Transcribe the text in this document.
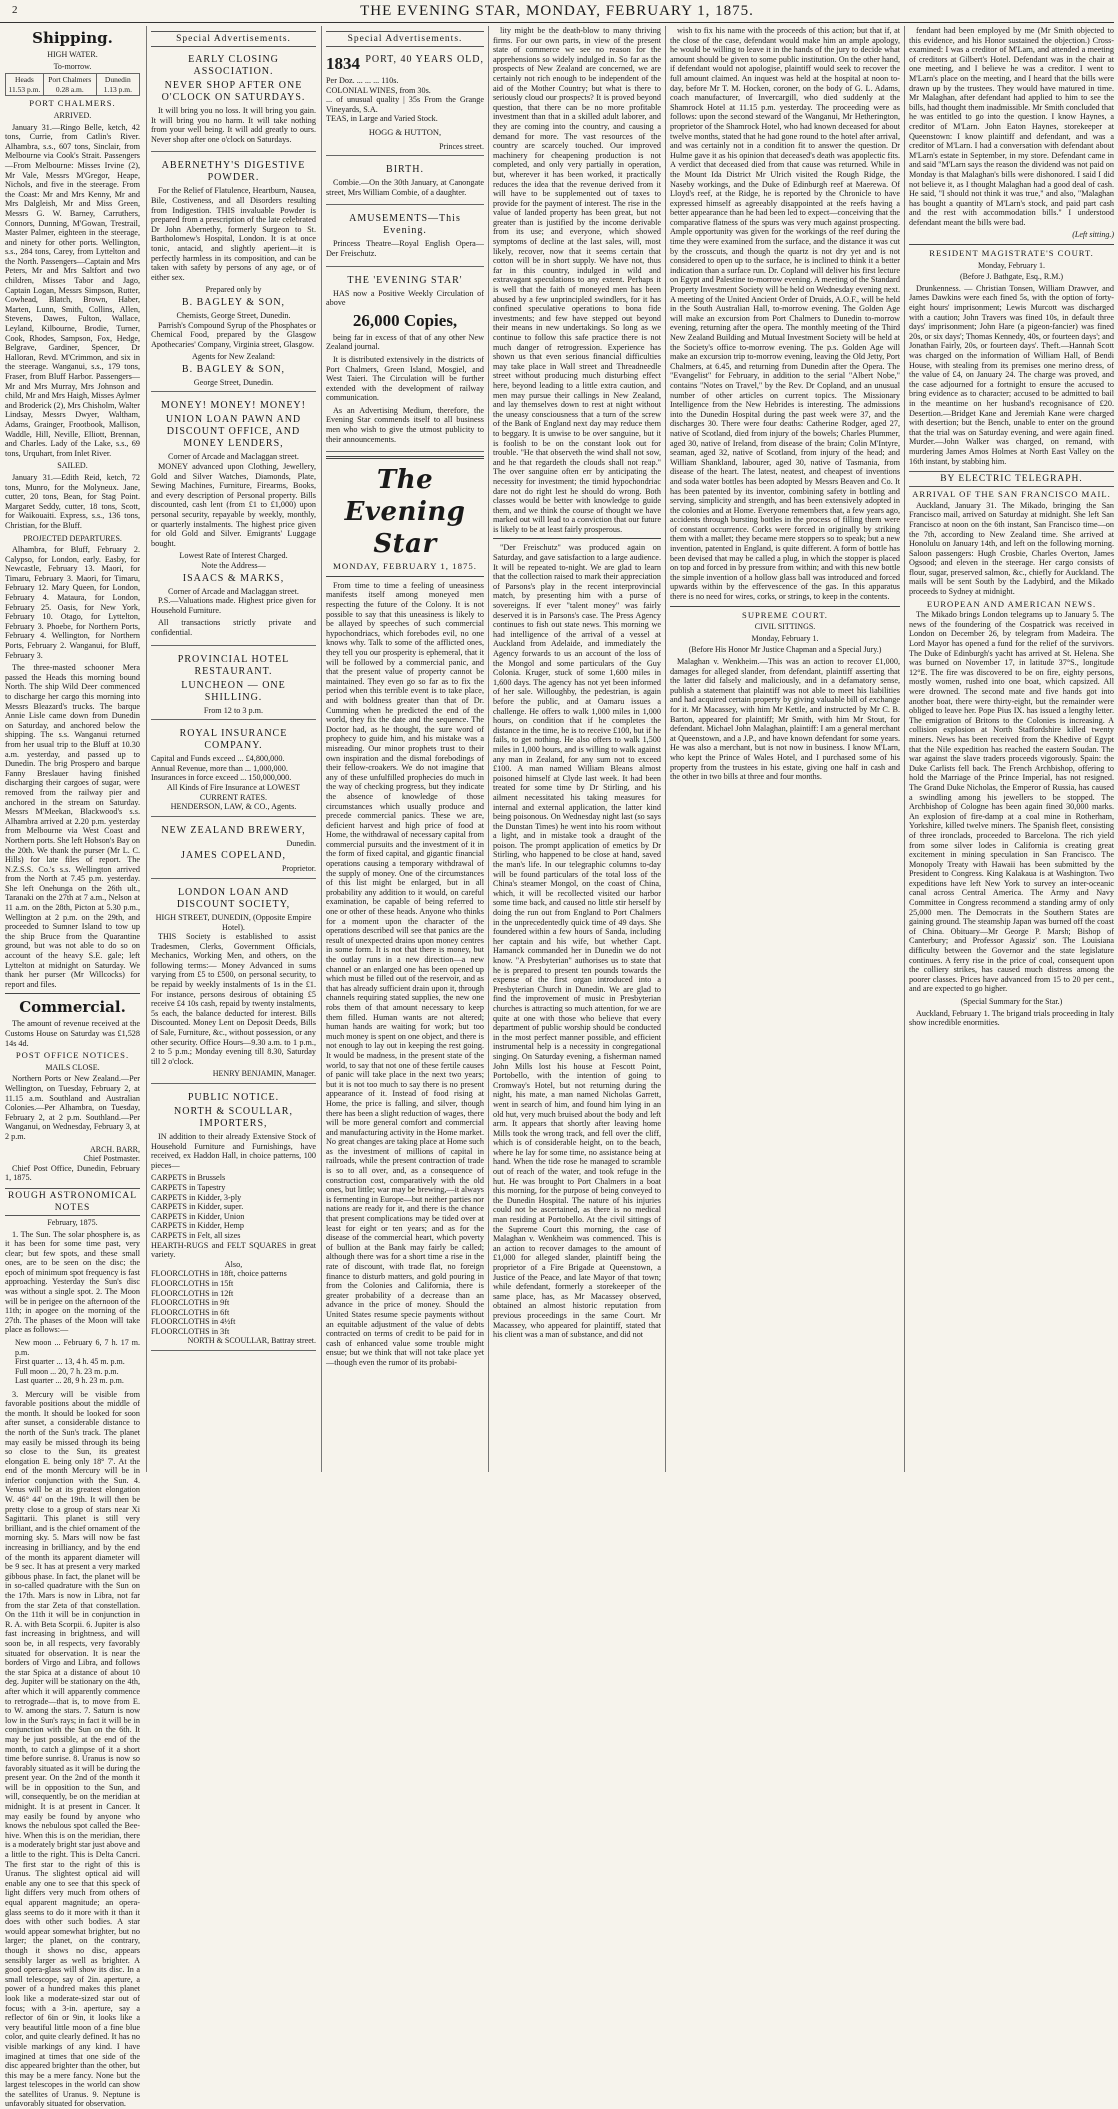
2	THE EVENING STAR, MONDAY, FEBRUARY 1, 1875.
Shipping.
HIGH WATER.
To-morrow.
Heads 11.53 p.m.	Port Chalmers 0.28 a.m.	Dunedin 1.13 p.m.
PORT CHALMERS.
ARRIVED.

January 31.—Ringo Belle, ketch, 42 tons, Currie, from Catlin's River. Alhambra, s.s., 607 tons, Sinclair, from Melbourne via Cook's Strait. Passengers—From Melbourne: Misses Irvine (2), Mr Vale, Messrs M'Gregor, Heape, Nichols, and five in the steerage. From the Coast: Mr and Mrs Kenny, Mr and Mrs Dalgleish, Mr and Miss Green, Messrs G. W. Barney, Carruthers, Connors, Dunning, M'Gowan, Trestrail, Master Palmer, eighteen in the steerage, and ninety for other ports. Wellington, s.s., 284 tons, Carey, from Lyttelton and the North. Passengers—Captain and Mrs Peters, Mr and Mrs Saltfort and two children, Misses Tabor and Jago, Captain Logan, Messrs Simpson, Rutter, Cowhead, Blatch, Brown, Haber, Marten, Lunn, Smith, Collins, Allen, Stevens, Dawes, Fulton, Wallace, Leyland, Kilbourne, Brodie, Turner, Cook, Rhodes, Sampson, Fox, Hedge, Belgrave, Gardiner, Spencer, Dr Halloran, Revd. M'Crimmon, and six in the steerage. Wanganui, s.s., 179 tons, Fraser, from Bluff Harbor. Passengers—Mr and Mrs Murray, Mrs Johnson and child, Mr and Mrs Haigh, Misses Aylmer and Broderick (2), Mrs Chisholm, Walter Lindsay, Messrs Dwyer, Waltham, Adams, Grainger, Frootbook, Mallison, Waddle, Hill, Neville, Elliott, Brennan, and Charles. Lady of the Lake, s.s., 69 tons, Urquhart, from Inlet River.

SAILED.

January 31.—Edith Reid, ketch, 72 tons, Munro, for the Molyneux. Jane, cutter, 20 tons, Bean, for Stag Point. Margaret Seddy, cutter, 18 tons, Scott, for Waikouaiti. Express, s.s., 136 tons, Christian, for the Bluff.

PROJECTED DEPARTURES.

Alhambra, for Bluff, February 2. Calypso, for London, early. Easby, for Newcastle, February 13. Maori, for Timaru, February 3. Maori, for Timaru, February 12. Mary Queen, for London, February 4. Mataura, for London, February 25. Oasis, for New York, February 10. Otago, for Lyttelton, February 3. Phoebe, for Northern Ports, February 4. Wellington, for Northern Ports, February 2. Wanganui, for Bluff, February 3.

The three-masted schooner Mera passed the Heads this morning bound North. The ship Wild Deer commenced to discharge her cargo this morning into Messrs Bleazard's trucks. The barque Annie Lisle came down from Dunedin on Saturday, and anchored below the shipping. The s.s. Wanganui returned from her usual trip to the Bluff at 10.30 a.m. yesterday, and passed up to Dunedin. The brig Prospero and barque Fanny Breslauer having finished discharging their cargoes of sugar, were removed from the railway pier and anchored in the stream on Saturday. Messrs M'Meekan, Blackwood's s.s. Alhambra arrived at 2.20 p.m. yesterday from Melbourne via West Coast and Northern ports. She left Hobson's Bay on the 20th. We thank the purser (Mr L. C. Hills) for late files of report. The N.Z.S.S. Co.'s s.s. Wellington arrived from the North at 7.45 p.m. yesterday. She left Onehunga on the 26th ult., Taranaki on the 27th at 7 a.m., Nelson at 11 a.m. on the 28th, Picton at 5.30 p.m., Wellington at 2 p.m. on the 29th, and proceeded to Sumner Island to tow up the ship Bruce from the Quarantine ground, but was not able to do so on account of the heavy S.E. gale; left Lyttelton at midnight on Saturday. We thank her purser (Mr Willcocks) for report and files.

Commercial.

The amount of revenue received at the Customs House on Saturday was £1,528 14s 4d.

POST OFFICE NOTICES.
MAILS CLOSE.

Northern Ports or New Zealand.—Per Wellington, on Tuesday, February 2, at 11.15 a.m. Southland and Australian Colonies.—Per Alhambra, on Tuesday, February 2, at 2 p.m. Southland.—Per Wanganui, on Wednesday, February 3, at 2 p.m.

ARCH. BARR,
Chief Postmaster.

Chief Post Office, Dunedin, February 1, 1875.

ROUGH ASTRONOMICAL NOTES
February, 1875.

1. The Sun. The solar phosphere is, as it has been for some time past, very clear; but few spots, and these small ones, are to be seen on the disc; the epoch of minimum spot frequency is fast approaching. Yesterday the Sun's disc was without a single spot. 2. The Moon will be in perigee on the afternoon of the 11th; in apogee on the morning of the 27th. The phases of the Moon will take place as follows:—

New moon ... February 6, 7 h. 17 m. p.m.
First quarter ... 13, 4 h. 45 m. p.m.
Full moon ... 20, 7 h. 23 m. p.m.
Last quarter ... 28, 9 h. 23 m. p.m.

3. Mercury will be visible from favorable positions about the middle of the month. It should be looked for soon after sunset, a considerable distance to the north of the Sun's track. The planet may easily be missed through its being so close to the Sun, its greatest elongation E. being only 18° 7'. At the end of the month Mercury will be in inferior conjunction with the Sun. 4. Venus will be at its greatest elongation W. 46° 44' on the 19th. It will then be pretty close to a group of stars near Xi Sagittarii. This planet is still very brilliant, and is the chief ornament of the morning sky. 5. Mars will now be fast increasing in brilliancy, and by the end of the month its apparent diameter will be 9 sec. It has at present a very marked gibbous phase. In fact, the planet will be in so-called quadrature with the Sun on the 17th. Mars is now in Libra, not far from the star Zeta of that constellation. On the 11th it will be in conjunction in R. A. with Beta Scorpii. 6. Jupiter is also fast increasing in brightness, and will soon be, in all respects, very favorably situated for observation. It is near the borders of Virgo and Libra, and follows the star Spica at a distance of about 10 deg. Jupiter will be stationary on the 4th, after which it will apparently commence to retrograde—that is, to move from E. to W. among the stars. 7. Saturn is now low in the Sun's rays; in fact it will be in conjunction with the Sun on the 6th. It may be just possible, at the end of the month, to catch a glimpse of it a short time before sunrise. 8. Uranus is now so favorably situated as it will be during the present year. On the 2nd of the month it will be in opposition to the Sun, and will, consequently, be on the meridian at midnight. It is at present in Cancer. It may easily be found by anyone who knows the nebulous spot called the Bee-hive. When this is on the meridian, there is a moderately bright star just above and a little to the right. This is Delta Cancri. The first star to the right of this is Uranus. The slightest optical aid will enable any one to see that this speck of light differs very much from others of equal apparent magnitude; an opera-glass seems to do it more with it than it does with other such bodies. A star would appear somewhat brighter, but no larger; the planet, on the contrary, though it shows no disc, appears sensibly larger as well as brighter. A good opera-glass will show its disc. In a small telescope, say of 2in. aperture, a power of a hundred makes this planet look like a moderate-sized star out of focus; with a 3-in. aperture, say a reflector of 6in or 9in, it looks like a very beautiful little moon of a fine blue color, and quite clearly defined. It has no visible markings of any kind. I have imagined at times that one side of the disc appeared brighter than the other, but this may be a mere fancy. None but the largest telescopes in the world can show the satellites of Uranus. 9. Neptune is unfavorably situated for observation.

Special Advertisements.
EARLY CLOSING ASSOCIATION.
NEVER SHOP AFTER ONE O'CLOCK ON SATURDAYS.

It will bring you no loss. It will bring you gain. It will bring you no harm. It will take nothing from your well being. It will add greatly to ours. Never shop after one o'clock on Saturdays.

ABERNETHY'S DIGESTIVE POWDER.

For the Relief of Flatulence, Heartburn, Nausea, Bile, Costiveness, and all Disorders resulting from Indigestion. THIS invaluable Powder is prepared from a prescription of the late celebrated Dr John Abernethy, formerly Surgeon to St. Bartholomew's Hospital, London. It is at once tonic, antacid, and slightly aperient—it is perfectly harmless in its composition, and can be taken with safety by persons of any age, or of either sex.

Prepared only by
B. BAGLEY & SON,
Chemists, George Street, Dunedin.

Parrish's Compound Syrup of the Phosphates or Chemical Food, prepared by the Glasgow Apothecaries' Company, Virginia street, Glasgow.

Agents for New Zealand:
B. BAGLEY & SON,
George Street, Dunedin.
MONEY! MONEY! MONEY!
UNION LOAN PAWN AND DISCOUNT OFFICE, AND MONEY LENDERS,
Corner of Arcade and Maclaggan street.

MONEY advanced upon Clothing, Jewellery, Gold and Silver Watches, Diamonds, Plate, Sewing Machines, Furniture, Firearms, Books, and every description of Personal property. Bills discounted, cash lent (from £1 to £1,000) upon personal security, repayable by weekly, monthly, or quarterly instalments. The highest price given for old Gold and Silver. Emigrants' Luggage bought.

Lowest Rate of Interest Charged.
Note the Address—
ISAACS & MARKS,
Corner of Arcade and Maclaggan street.

P.S.—Valuations made. Highest price given for Household Furniture.

All transactions strictly private and confidential.

PROVINCIAL HOTEL RESTAURANT.
LUNCHEON — ONE SHILLING.
From 12 to 3 p.m.
ROYAL INSURANCE COMPANY.
Capital and Funds exceed ... £4,800,000.
Annual Revenue, more than ... 1,000,000.
Insurances in force exceed ... 150,000,000.
All Kinds of Fire Insurance at LOWEST CURRENT RATES.
HENDERSON, LAW, & CO., Agents.
NEW ZEALAND BREWERY,
Dunedin.
JAMES COPELAND,
Proprietor.
LONDON LOAN AND DISCOUNT SOCIETY,
HIGH STREET, DUNEDIN, (Opposite Empire Hotel).

THIS Society is established to assist Tradesmen, Clerks, Government Officials, Mechanics, Working Men, and others, on the following terms:— Money Advanced in sums varying from £5 to £500, on personal security, to be repaid by weekly instalments of 1s in the £1. For instance, persons desirous of obtaining £5 receive £4 10s cash, repaid by twenty instalments, 5s each, the balance deducted for interest. Bills Discounted. Money Lent on Deposit Deeds, Bills of Sale, Furniture, &c., without possession, or any other security. Office Hours—9.30 a.m. to 1 p.m., 2 to 5 p.m.; Monday evening till 8.30, Saturday till 2 o'clock.

HENRY BENJAMIN, Manager.
PUBLIC NOTICE.
NORTH & SCOULLAR, IMPORTERS,

IN addition to their already Extensive Stock of Household Furniture and Furnishings, have received, ex Haddon Hall, in choice patterns, 100 pieces—

CARPETS in Brussels
CARPETS in Tapestry
CARPETS in Kidder, 3-ply
CARPETS in Kidder, super.
CARPETS in Kidder, Union
CARPETS in Kidder, Hemp
CARPETS in Felt, all sizes
HEARTH-RUGS and FELT SQUARES in great variety.
Also,
FLOORCLOTHS in 18ft, choice patterns
FLOORCLOTHS in 15ft
FLOORCLOTHS in 12ft
FLOORCLOTHS in 9ft
FLOORCLOTHS in 6ft
FLOORCLOTHS in 4½ft
FLOORCLOTHS in 3ft
NORTH & SCOULLAR, Battray street.
Special Advertisements.
1834 PORT, 40 YEARS OLD,
Per Doz. ... ... ... 110s.
COLONIAL WINES, from 30s.
... of unusual quality | 35s From the Grange Vineyards, S.A.
TEAS, in Large and Varied Stock.
HOGG & HUTTON,
Princes street.
BIRTH.

Combie.—On the 30th January, at Canongate street, Mrs William Combie, of a daughter.

AMUSEMENTS—This Evening.

Princess Theatre—Royal English Opera—Der Freischutz.

THE 'EVENING STAR'

HAS now a Positive Weekly Circulation of above

26,000 Copies,

being far in excess of that of any other New Zealand journal.

It is distributed extensively in the districts of Port Chalmers, Green Island, Mosgiel, and West Taieri. The Circulation will be further extended with the development of railway communication.

As an Advertising Medium, therefore, the Evening Star commends itself to all business men who wish to give the utmost publicity to their announcements.

The Evening Star
MONDAY, FEBRUARY 1, 1875.

From time to time a feeling of uneasiness manifests itself among moneyed men respecting the future of the Colony. It is not possible to say that this uneasiness is likely to be allayed by speeches of such commercial hypochondriacs, which forebodes evil, no one knows why. Talk to some of the afflicted ones, they tell you our prosperity is ephemeral, that it will be followed by a commercial panic, and that the present value of property cannot be maintained. They even go so far as to fix the period when this terrible event is to take place, and with boldness greater than that of Dr. Cumming when he predicted the end of the world, they fix the date and the sequence. The Doctor had, as he thought, the sure word of prophecy to guide him, and his mistake was a misreading. Our minor prophets trust to their own inspiration and the dismal forebodings of their fellow-croakers. We do not imagine that any of these unfulfilled prophecies do much in the way of checking progress, but they indicate the absence of knowledge of those circumstances which usually produce and precede commercial panics. These we are, deficient harvest and high price of food at Home, the withdrawal of necessary capital from commercial pursuits and the investment of it in the form of fixed capital, and gigantic financial operations causing a temporary withdrawal of the supply of money. One of the circumstances of this list might be enlarged, but in all probability any addition to it would, on careful examination, be capable of being referred to one or other of these heads. Anyone who thinks for a moment upon the character of the operations described will see that panics are the result of unexpected drains upon money centres in some form. It is not that there is money, but the outlay runs in a new direction—a new channel or an enlarged one has been opened up which must be filled out of the reservoir, and as that has already sufficient drain upon it, through channels requiring stated supplies, the new one robs them of that amount necessary to keep them filled. Human wants are not altered; human hands are waiting for work; but too much money is spent on one object, and there is not enough to lay out in keeping the rest going. It would be madness, in the present state of the world, to say that not one of these fertile causes of panic will take place in the next two years; but it is not too much to say there is no present appearance of it. Instead of food rising at Home, the price is falling, and silver, though there has been a slight reduction of wages, there will be more general comfort and commercial and manufacturing activity in the Home market. No great changes are taking place at Home such as the investment of millions of capital in railroads, while the present contraction of trade is so to all over, and, as a consequence of construction cost, comparatively with the old ones, but little; war may be brewing,—it always is fermenting in Europe—but neither parties nor nations are ready for it, and there is the chance that present complications may be tided over at least for eight or ten years; and as for the disease of the commercial heart, which poverty of bullion at the Bank may fairly be called; although there was for a short time a rise in the rate of discount, with trade flat, no foreign finance to disturb matters, and gold pouring in from the Colonies and California, there is greater probability of a decrease than an advance in the price of money. Should the United States resume specie payments without an equitable adjustment of the value of debts contracted on terms of credit to be paid for in cash of enhanced value some trouble might ensue; but we think that will not take place yet—though even the rumor of its probabi-

lity might be the death-blow to many thriving firms. For our own parts, in view of the present state of commerce we see no reason for the apprehensions so widely indulged in. So far as the prospects of New Zealand are concerned, we are certainly not rich enough to be independent of the aid of the Mother Country; but what is there to seriously cloud our prospects? It is proved beyond question, that there can be no more profitable investment than that in a skilled adult laborer, and they are coming into the country, and causing a demand for more. The vast resources of the country are scarcely touched. Our improved machinery for cheapening production is not completed, and only very partially in operation, but, wherever it has been worked, it practically reduces the idea that the revenue derived from it will have to be supplemented out of taxes to provide for the payment of interest. The rise in the value of landed property has been great, but not greater than is justified by the income derivable from its use; and everyone, which showed symptoms of decline at the last sales, will, most likely, recover, now that it seems certain that cotton will be in short supply. We have not, thus far in this country, indulged in wild and extravagant speculations to any extent. Perhaps it is well that the faith of moneyed men has been abused by a few unprincipled swindlers, for it has confined speculative operations to bona fide investments; and few have stepped out beyond their means in new undertakings. So long as we continue to follow this safe practice there is not much danger of retrogression. Experience has shown us that even serious financial difficulties may take place in Wall street and Threadneedle street without producing much disturbing effect here, beyond leading to a little extra caution, and men may pursue their callings in New Zealand, and lay themselves down to rest at night without the uneasy consciousness that a turn of the screw of the Bank of England next day may reduce them to beggary. It is unwise to be over sanguine, but it is foolish to be on the constant look out for trouble. "He that observeth the wind shall not sow, and he that regardeth the clouds shall not reap." The over sanguine often err by anticipating the necessity for investment; the timid hypochondriac dare not do right lest he should do wrong. Both classes would be better with knowledge to guide them, and we think the course of thought we have marked out will lead to a conviction that our future is likely to be at least fairly prosperous.

"Der Freischutz" was produced again on Saturday, and gave satisfaction to a large audience. It will be repeated to-night. We are glad to learn that the collection raised to mark their appreciation of Parsons's play in the recent interprovincial match, by presenting him with a purse of sovereigns. If ever "talent money" was fairly deserved it is in Parsons's case. The Press Agency continues to fish out state news. This morning we had intelligence of the arrival of a vessel at Auckland from Adelaide, and immediately the Agency forwards to us an account of the loss of the Mongol and some particulars of the Guy Colonia. Kruger, stuck of some 1,600 miles in 1,600 days. The agency has not yet been informed of her sale. Willoughby, the pedestrian, is again before the public, and at Oamaru issues a challenge. He offers to walk 1,000 miles in 1,000 hours, on condition that if he completes the distance in the time, he is to receive £100, but if he fails, to get nothing. He also offers to walk 1,500 miles in 1,000 hours, and is willing to walk against any man in Zealand, for any sum not to exceed £100. A man named William Bleans almost poisoned himself at Clyde last week. It had been treated for some time by Dr Stirling, and his ailment necessitated his taking measures for internal and external application, the latter kind being poisonous. On Wednesday night last (so says the Dunstan Times) he went into his room without a light, and in mistake took a draught of the poison. The prompt application of emetics by Dr Stirling, who happened to be close at hand, saved the man's life. In our telegraphic columns to-day will be found particulars of the total loss of the China's steamer Mongol, on the coast of China, which, it will be recollected visited our harbor some time back, and caused no little stir herself by doing the run out from England to Port Chalmers in the unprecedentedly quick time of 49 days. She foundered within a few hours of Sanda, including her captain and his wife, but whether Capt. Hamanck commanded her in Dunedin we do not know. "A Presbyterian" authorises us to state that he is prepared to present ten pounds towards the expense of the first organ introduced into a Presbyterian Church in Dunedin. We are glad to find the improvement of music in Presbyterian churches is attracting so much attention, for we are quite at one with those who believe that every department of public worship should be conducted in the most perfect manner possible, and efficient instrumental help is a necessity in congregational singing. On Saturday evening, a fisherman named John Mills lost his house at Fescott Point, Portobello, with the intention of going to Cromway's Hotel, but not returning during the night, his mate, a man named Nicholas Garrett, went in search of him, and found him lying in an old hut, very much bruised about the body and left arm. It appears that shortly after leaving home Mills took the wrong track, and fell over the cliff, which is of considerable height, on to the beach, where he lay for some time, no assistance being at hand. When the tide rose he managed to scramble out of reach of the water, and took refuge in the hut. He was brought to Port Chalmers in a boat this morning, for the purpose of being conveyed to the Dunedin Hospital. The nature of his injuries could not be ascertained, as there is no medical man residing at Portobello. At the civil sittings of the Supreme Court this morning, the case of Malaghan v. Wenkheim was commenced. This is an action to recover damages to the amount of £1,000 for alleged slander, plaintiff being the proprietor of a Fire Brigade at Queenstown, a Justice of the Peace, and late Mayor of that town; while defendant, formerly a storekeeper of the same place, has, as Mr Macassey observed, obtained an almost historic reputation from previous proceedings in the same Court. Mr Macassey, who appeared for plaintiff, stated that his client was a man of substance, and did not

wish to fix his name with the proceeds of this action; but that if, at the close of the case, defendant would make him an ample apology, he would be willing to leave it in the hands of the jury to decide what amount should be given to some public institution. On the other hand, if defendant would not apologise, plaintiff would seek to recover the full amount claimed. An inquest was held at the hospital at noon to-day, before Mr T. M. Hocken, coroner, on the body of G. L. Adams, coach manufacturer, of Invercargill, who died suddenly at the Shamrock Hotel at 11.15 p.m. yesterday. The proceeding were as follows: upon the second steward of the Wanganui, Mr Hetherington, proprietor of the Shamrock Hotel, who had known deceased for about twelve months, stated that he had gone round to the hotel after arrival, and was certainly not in a condition fit to answer the question. Dr Hulme gave it as his opinion that deceased's death was apoplectic fits. A verdict that deceased died from that cause was returned. While in the Mount Ida District Mr Ulrich visited the Rough Ridge, the Naseby workings, and the Duke of Edinburgh reef at Maerewa. Of Lloyd's reef, at the Ridge, he is reported by the Chronicle to have expressed himself as agreeably disappointed at the reefs having a better appearance than he had been led to expect—conceiving that the comparative flatness of the spurs was very much against prospecting. Ample opportunity was given for the workings of the reef during the time they were examined from the surface, and the distance it was cut by the crosscuts, and though the quartz is not dry yet and is not considered to open up to the surface, he is inclined to think it a better indication than a surface run. Dr. Copland will deliver his first lecture on Egypt and Palestine to-morrow evening. A meeting of the Standard Property Investment Society will be held on Wednesday evening next. A meeting of the United Ancient Order of Druids, A.O.F., will be held in the South Australian Hall, to-morrow evening. The Golden Age will make an excursion from Port Chalmers to Dunedin to-morrow evening, returning after the opera. The monthly meeting of the Third New Zealand Building and Mutual Investment Society will be held at the Society's office to-morrow evening. The p.s. Golden Age will make an excursion trip to-morrow evening, leaving the Old Jetty, Port Chalmers, at 6.45, and returning from Dunedin after the Opera. The "Evangelist" for February, in addition to the serial "Albert Nobe," contains "Notes on Travel," by the Rev. Dr Copland, and an unusual number of other articles on current topics. The Missionary Intelligence from the New Hebrides is interesting. The admissions into the Dunedin Hospital during the past week were 37, and the discharges 30. There were four deaths: Catherine Rodger, aged 27, native of Scotland, died from injury of the bowels; Charles Plummer, aged 30, native of Ireland, from disease of the brain; Colin M'Intyre, seaman, aged 32, native of Scotland, from injury of the head; and William Shankland, labourer, aged 30, native of Tasmania, from disease of the heart. The latest, neatest, and cheapest of inventions and soda water bottles has been adopted by Messrs Beaven and Co. It has been patented by its inventor, combining safety in bottling and serving, simplicity and strength, and has been extensively adopted in the colonies and at Home. Everyone remembers that, a few years ago, accidents through bursting bottles in the process of filling them were of constant occurrence. Corks were forced in originally by striking them with a mallet; they became mere stoppers so to speak; but a new invention, patented in England, is quite different. A form of bottle has been devised that may be called a plug, in which the stopper is placed on top and forced in by pressure from within; and with this new bottle the simple invention of a hollow glass ball was introduced and forced upwards within by the effervescence of the gas. In this apparatus there is no need for wires, corks, or strings, to keep in the contents.

SUPREME COURT.
CIVIL SITTINGS.
Monday, February 1.
(Before His Honor Mr Justice Chapman and a Special Jury.)

Malaghan v. Wenkheim.—This was an action to recover £1,000, damages for alleged slander, from defendant, plaintiff asserting that the latter did falsely and maliciously, and in a defamatory sense, publish a statement that plaintiff was not able to meet his liabilities and had acquired certain property by giving valuable bill of exchange for it. Mr Macassey, with him Mr Kettle, and instructed by Mr C. B. Barton, appeared for plaintiff; Mr Smith, with him Mr Stout, for defendant. Michael John Malaghan, plaintiff: I am a general merchant at Queenstown, and a J.P., and have known defendant for some years. He was also a merchant, but is not now in business. I know M'Larn, who kept the Prince of Wales Hotel, and I purchased some of his property from the trustees in his estate, giving one half in cash and the other in two bills at three and four months.

fendant had been employed by me (Mr Smith objected to this evidence, and his Honor sustained the objection.) Cross-examined: I was a creditor of M'Larn, and attended a meeting of creditors at Gilbert's Hotel. Defendant was in the chair at one meeting, and I believe he was a creditor. I went to M'Larn's place on the meeting, and I heard that the bills were drawn up by the trustees. They would have matured in time. Mr Malaghan, after defendant had applied to him to see the bills, had thought them inadmissible. Mr Smith concluded that he was entitled to go into the question. I know Haynes, a creditor of M'Larn. John Eaton Haynes, storekeeper at Queenstown: I know plaintiff and defendant, and was a creditor of M'Larn. I had a conversation with defendant about M'Larn's estate in September, in my store. Defendant came in and said "M'Larn says the reason the dividend was not paid on Monday is that Malaghan's bills were dishonored. I said I did not believe it, as I thought Malaghan had a good deal of cash. He said, "I should not think it was true," and also, "Malaghan has bought a quantity of M'Larn's stock, and paid part cash and the rest with accommodation bills." I understood defendant meant the bills were bad.

(Left sitting.)
RESIDENT MAGISTRATE'S COURT.
Monday, February 1.
(Before J. Bathgate, Esq., R.M.)

Drunkenness. — Christian Tonsen, William Drawver, and James Dawkins were each fined 5s, with the option of forty-eight hours' imprisonment; Lewis Murcott was discharged with a caution; John Travers was fined 10s, in default three days' imprisonment; John Hare (a pigeon-fancier) was fined 20s, or six days'; Thomas Kennedy, 40s, or fourteen days'; and Jonathan Fairly, 20s, or fourteen days'. Theft.—Hannah Scott was charged on the information of William Hall, of Bendi House, with stealing from its premises one merino dress, of the value of £4, on January 24. The charge was proved, and the case adjourned for a fortnight to ensure the accused to bring evidence as to character; accused to be admitted to bail in the meantime on her husband's recognisance of £20. Desertion.—Bridget Kane and Jeremiah Kane were charged with desertion; but the Bench, unable to enter on the ground that the trial was on Saturday evening, and were again fined. Murder.—John Walker was charged, on remand, with murdering James Amos Holmes at North East Valley on the 16th instant, by stabbing him.

BY ELECTRIC TELEGRAPH.
ARRIVAL OF THE SAN FRANCISCO MAIL.

Auckland, January 31. The Mikado, bringing the San Francisco mail, arrived on Saturday at midnight. She left San Francisco at noon on the 6th instant, San Francisco time—on the 7th, according to New Zealand time. She arrived at Honolulu on January 14th, and left on the following morning. Saloon passengers: Hugh Crosbie, Charles Overton, James Ogsood; and eleven in the steerage. Her cargo consists of flour, sugar, preserved salmon, &c., chiefly for Auckland. The mails will be sent South by the Ladybird, and the Mikado proceeds to Sydney at midnight.

EUROPEAN AND AMERICAN NEWS.

The Mikado brings London telegrams up to January 5. The news of the foundering of the Cospatrick was received in London on December 26, by telegram from Madeira. The Lord Mayor has opened a fund for the relief of the survivors. The Duke of Edinburgh's yacht has arrived at St. Helena. She was burned on November 17, in latitude 37°S., longitude 12°E. The fire was discovered to be on fire, eighty persons, mostly women, rushed into one boat, which capsized. All were drowned. The second mate and five hands got into another boat, there were thirty-eight, but the remainder were obliged to leave her. Pope Pius IX. has issued a lengthy letter. The emigration of Britons to the Colonies is increasing. A collision explosion at North Staffordshire killed twenty miners. News has been received from the Khedive of Egypt that the Nile expedition has reached the eastern Soudan. The war against the slave traders proceeds vigorously. Spain: the Duke Carlists fell back. The French Archbishop, offering to hold the Marriage of the Prince Imperial, has not resigned. The Grand Duke Nicholas, the Emperor of Russia, has caused a swindling among his jewellers to be stopped. The Archbishop of Cologne has been again fined 30,000 marks. An explosion of fire-damp at a coal mine in Rotherham, Yorkshire, killed twelve miners. The Spanish fleet, consisting of three ironclads, proceeded to Barcelona. The rich yield from some silver lodes in California is creating great excitement in mining speculation in San Francisco. The Monopoly Treaty with Hawaii has been submitted by the President to Congress. King Kalakaua is at Washington. Two expeditions have left New York to survey an inter-oceanic canal across Central America. The Army and Navy Committee in Congress recommend a standing army of only 25,000 men. The Democrats in the Southern States are gaining ground. The steamship Japan was burned off the coast of China. Obituary—Mr George P. Marsh; Bishop of Canterbury; and Professor Agassiz' son. The Louisiana difficulty between the Governor and the state legislature continues. A ferry rise in the price of coal, consequent upon the colliery strikes, has caused much distress among the poorer classes. Prices have advanced from 15 to 20 per cent., and are expected to go higher.

(Special Summary for the Star.)

Auckland, February 1. The brigand trials proceeding in Italy show incredible enormities.
